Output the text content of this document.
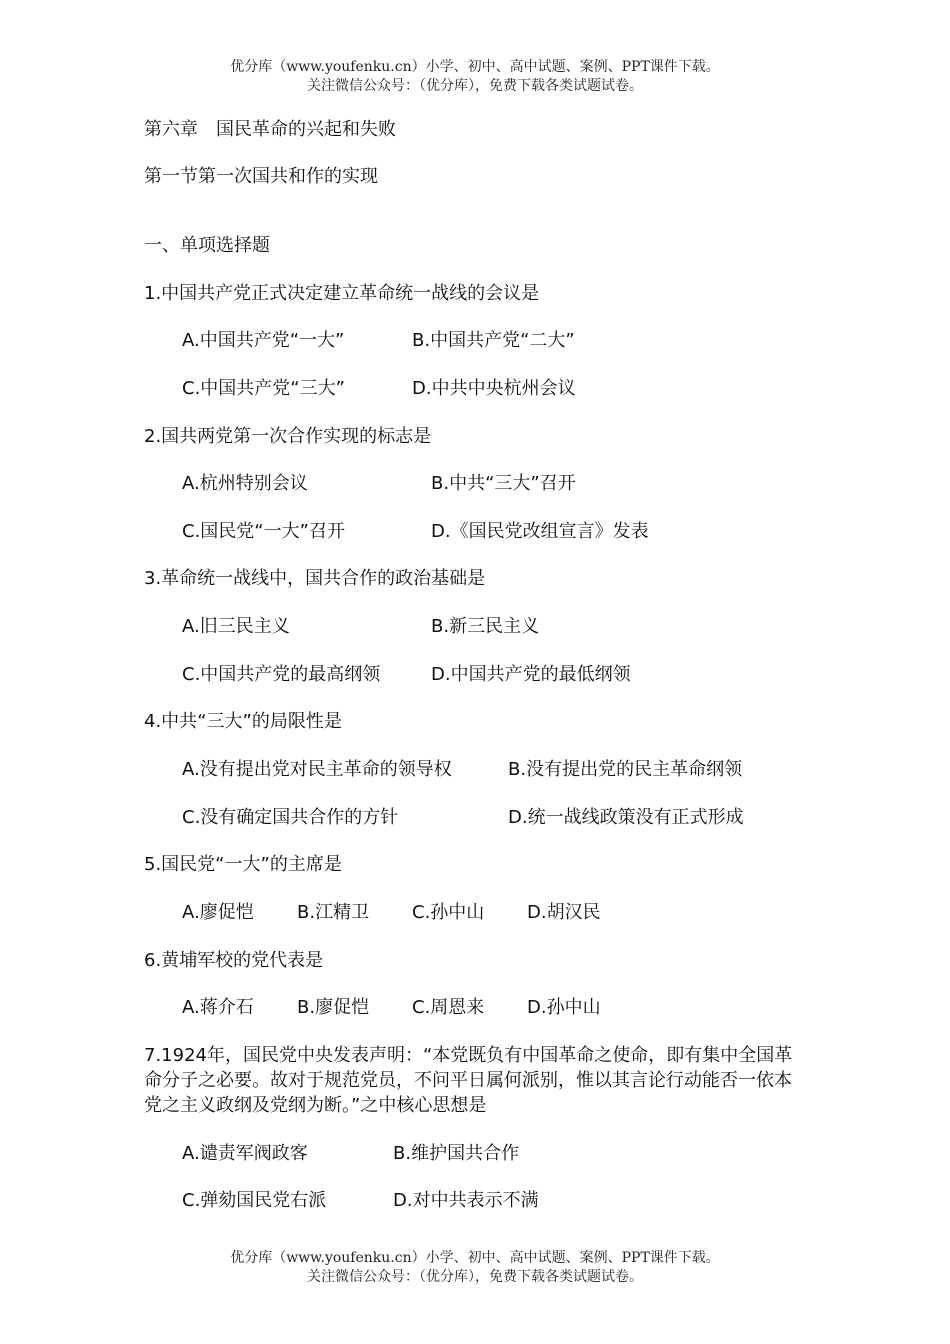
优分库（www.youfenku.cn）小学、初中、高中试题、案例、PPT课件下载。
关注微信公众号：（优分库），免费下载各类试题试卷。
第六章　国民革命的兴起和失败
第一节第一次国共和作的实现
一、单项选择题
1.中国共产党正式决定建立革命统一战线的会议是
A.中国共产党“一大”	B.中国共产党“二大”
C.中国共产党“三大”	D.中共中央杭州会议
2.国共两党第一次合作实现的标志是
A.杭州特别会议	B.中共“三大”召开
C.国民党“一大”召开	D.《国民党改组宣言》发表
3.革命统一战线中，国共合作的政治基础是
A.旧三民主义	B.新三民主义
C.中国共产党的最高纲领	D.中国共产党的最低纲领
4.中共“三大”的局限性是
A.没有提出党对民主革命的领导权	B.没有提出党的民主革命纲领
C.没有确定国共合作的方针	D.统一战线政策没有正式形成
5.国民党“一大”的主席是
A.廖促恺 B.江精卫 C.孙中山 D.胡汉民
6.黄埔军校的党代表是
A.蒋介石 B.廖促恺 C.周恩来 D.孙中山
7.1924年，国民党中央发表声明：“本党既负有中国革命之使命，即有集中全国革命分子之必要。故对于规范党员，不问平日属何派别，惟以其言论行动能否一依本党之主义政纲及党纲为断。”之中核心思想是
A.谴责军阀政客	B.维护国共合作
C.弹劾国民党右派	D.对中共表示不满
优分库（www.youfenku.cn）小学、初中、高中试题、案例、PPT课件下载。
关注微信公众号：（优分库），免费下载各类试题试卷。
